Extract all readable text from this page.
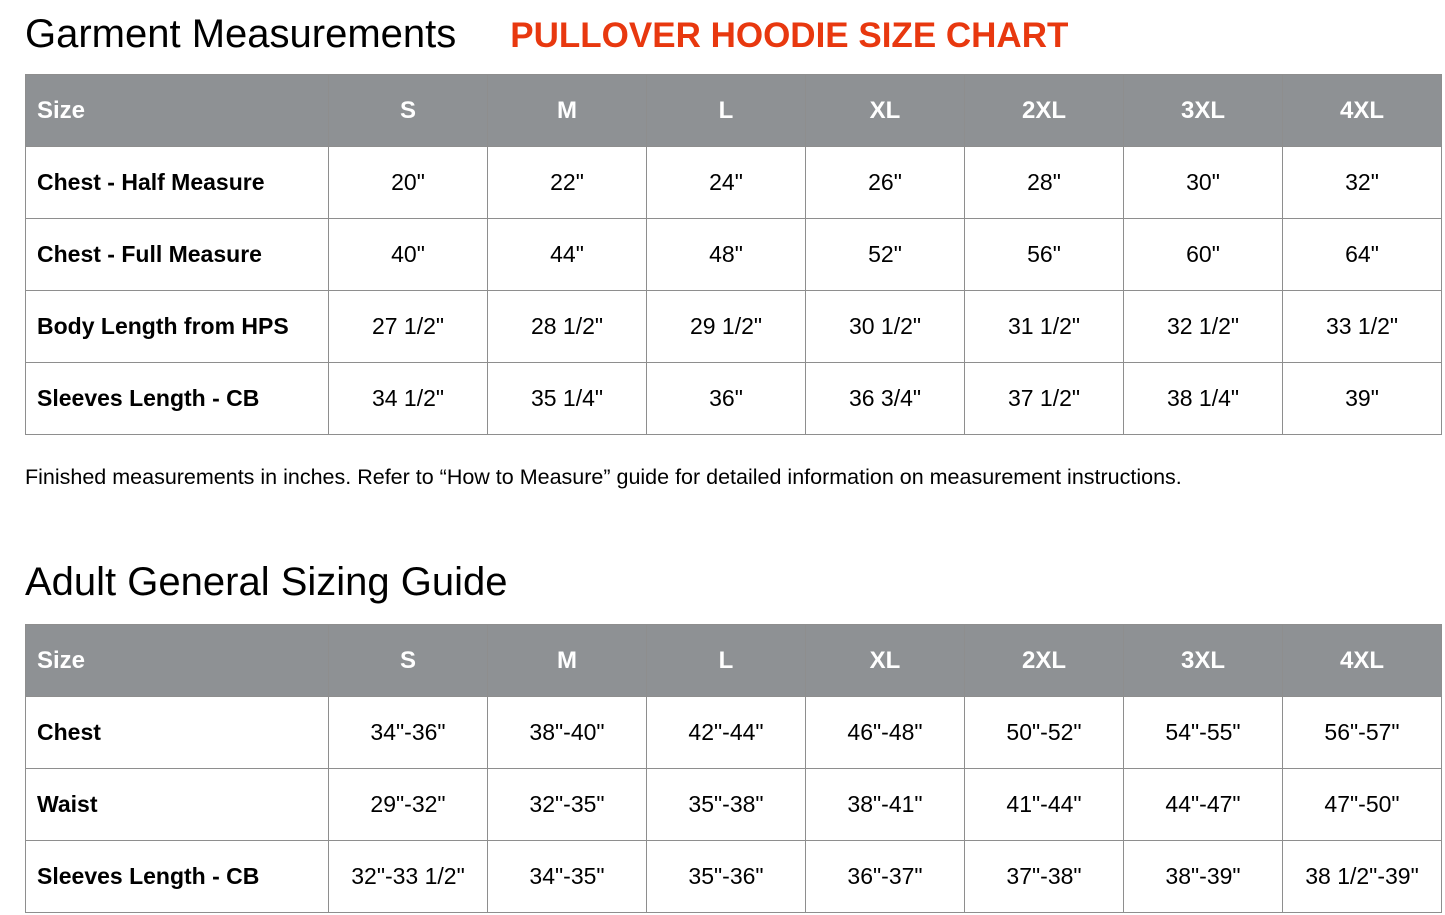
Garment Measurements PULLOVER HOODIE SIZE CHART
Size	S	M	L	XL	2XL	3XL	4XL
Chest - Half Measure	20"	22"	24"	26"	28"	30"	32"
Chest - Full Measure	40"	44"	48"	52"	56"	60"	64"
Body Length from HPS	27 1/2"	28 1/2"	29 1/2"	30 1/2"	31 1/2"	32 1/2"	33 1/2"
Sleeves Length - CB	34 1/2"	35 1/4"	36"	36 3/4"	37 1/2"	38 1/4"	39"

Finished measurements in inches. Refer to “How to Measure” guide for detailed information on measurement instructions.

Adult General Sizing Guide
Size	S	M	L	XL	2XL	3XL	4XL
Chest	34"-36"	38"-40"	42"-44"	46"-48"	50"-52"	54"-55"	56"-57"
Waist	29"-32"	32"-35"	35"-38"	38"-41"	41"-44"	44"-47"	47"-50"
Sleeves Length - CB	32"-33 1/2"	34"-35"	35"-36"	36"-37"	37"-38"	38"-39"	38 1/2"-39"
